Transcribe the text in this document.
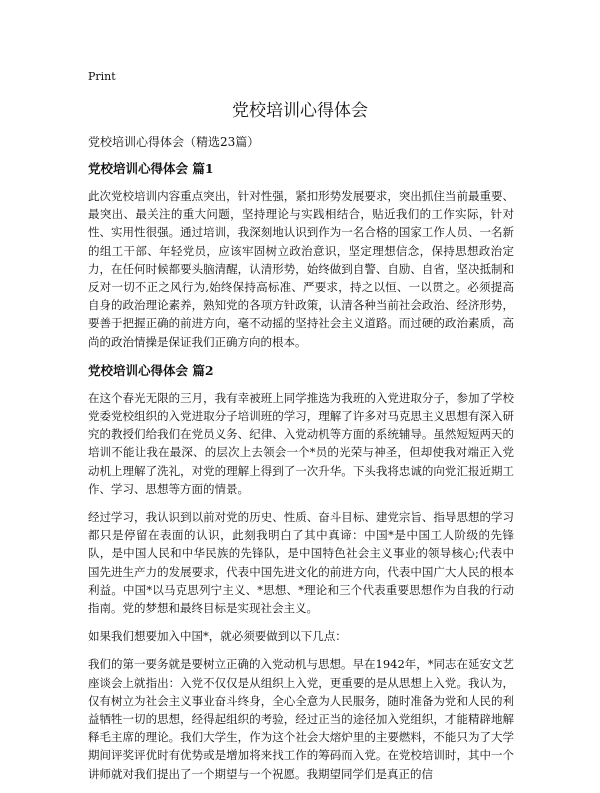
Print
党校培训心得体会
党校培训心得体会（精选23篇）
党校培训心得体会 篇1

此次党校培训内容重点突出，针对性强，紧扣形势发展要求，突出抓住当前最重要、最突出、最关注的重大问题，坚持理论与实践相结合，贴近我们的工作实际，针对性、实用性很强。通过培训，我深刻地认识到作为一名合格的国家工作人员、一名新的组工干部、年轻党员，应该牢固树立政治意识，坚定理想信念，保持思想政治定力，在任何时候都要头脑清醒，认清形势，始终做到自警、自励、自省，坚决抵制和反对一切不正之风行为,始终保持高标准、严要求，持之以恒、一以贯之。必须提高自身的政治理论素养，熟知党的各项方针政策，认清各种当前社会政治、经济形势，要善于把握正确的前进方向，毫不动摇的坚持社会主义道路。而过硬的政治素质，高尚的政治情操是保证我们正确方向的根本。

党校培训心得体会 篇2

在这个春光无限的三月，我有幸被班上同学推选为我班的入党进取分子，参加了学校党委党校组织的入党进取分子培训班的学习，理解了许多对马克思主义思想有深入研究的教授们给我们在党员义务、纪律、入党动机等方面的系统辅导。虽然短短两天的培训不能让我在最深、的层次上去领会一个*员的光荣与神圣，但却使我对端正入党动机上理解了洗礼，对党的理解上得到了一次升华。下头我将忠诚的向党汇报近期工作、学习、思想等方面的情景。

经过学习，我认识到以前对党的历史、性质、奋斗目标、建党宗旨、指导思想的学习都只是停留在表面的认识，此刻我明白了其中真谛：中国*是中国工人阶级的先锋队，是中国人民和中华民族的先锋队，是中国特色社会主义事业的领导核心;代表中国先进生产力的发展要求，代表中国先进文化的前进方向，代表中国广大人民的根本利益。中国*以马克思列宁主义、*思想、*理论和三个代表重要思想作为自我的行动指南。党的梦想和最终目标是实现社会主义。

如果我们想要加入中国*，就必须要做到以下几点：

我们的第一要务就是要树立正确的入党动机与思想。早在1942年，*同志在延安文艺座谈会上就指出：入党不仅仅是从组织上入党，更重要的是从思想上入党。我认为，仅有树立为社会主义事业奋斗终身，全心全意为人民服务，随时准备为党和人民的利益牺牲一切的思想，经得起组织的考验，经过正当的途径加入党组织，才能精辟地解释毛主席的理论。我们大学生，作为这个社会大熔炉里的主要燃料，不能只为了大学期间评奖评优时有优势或是增加将来找工作的筹码而入党。在党校培训时，其中一个讲师就对我们提出了一个期望与一个祝愿。我期望同学们是真正的信
